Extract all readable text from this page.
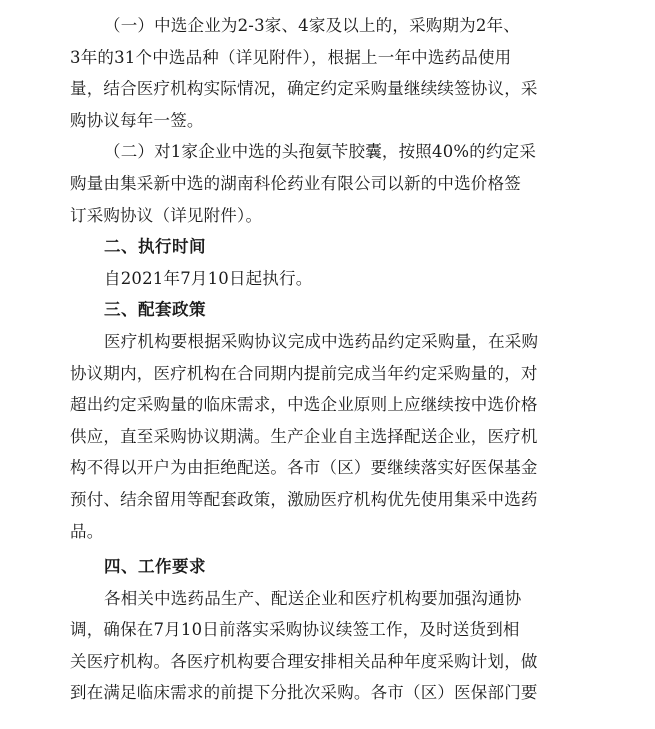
（一）中选企业为2-3家、4家及以上的，采购期为2年、
3年的31个中选品种（详见附件），根据上一年中选药品使用
量，结合医疗机构实际情况，确定约定采购量继续续签协议，采
购协议每年一签。
（二）对1家企业中选的头孢氨苄胶囊，按照40%的约定采
购量由集采新中选的湖南科伦药业有限公司以新的中选价格签
订采购协议（详见附件）。
二、执行时间
自2021年7月10日起执行。
三、配套政策
医疗机构要根据采购协议完成中选药品约定采购量，在采购
协议期内，医疗机构在合同期内提前完成当年约定采购量的，对
超出约定采购量的临床需求，中选企业原则上应继续按中选价格
供应，直至采购协议期满。生产企业自主选择配送企业，医疗机
构不得以开户为由拒绝配送。各市（区）要继续落实好医保基金
预付、结余留用等配套政策，激励医疗机构优先使用集采中选药
品。
四、工作要求
各相关中选药品生产、配送企业和医疗机构要加强沟通协
调，确保在7月10日前落实采购协议续签工作，及时送货到相
关医疗机构。各医疗机构要合理安排相关品种年度采购计划，做
到在满足临床需求的前提下分批次采购。各市（区）医保部门要
